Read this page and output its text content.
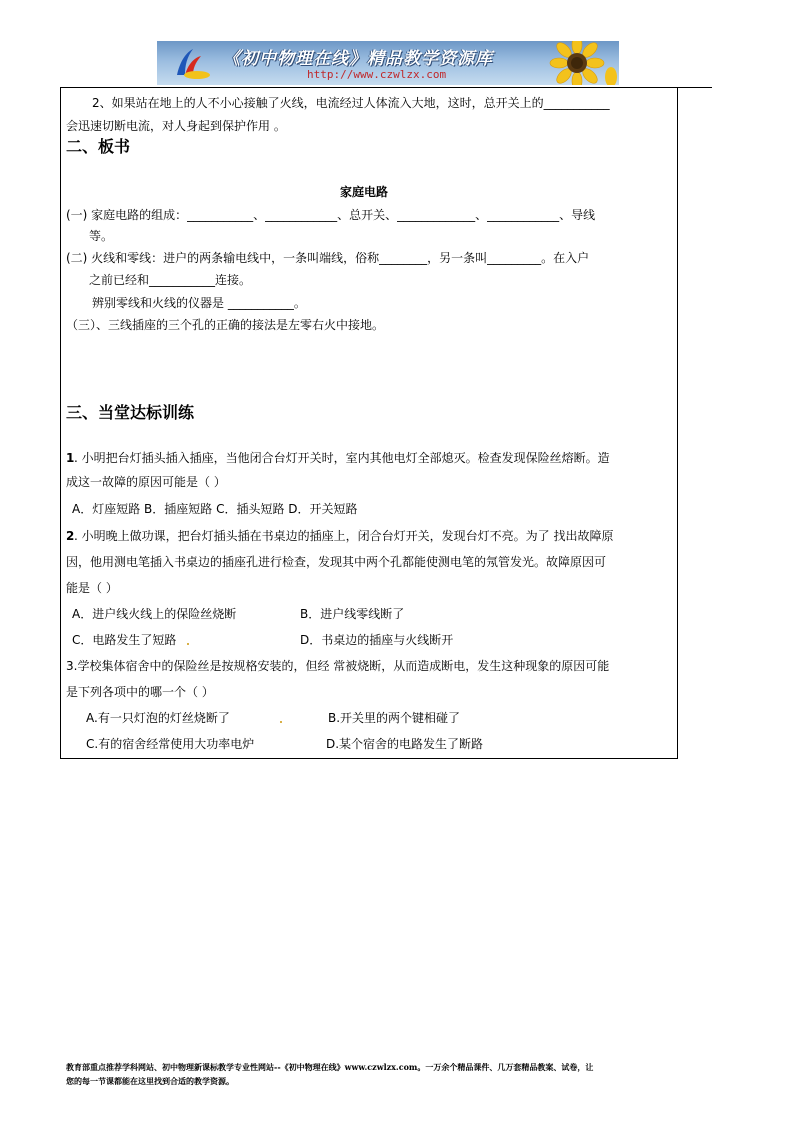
《初中物理在线》精品教学资源库
http://www.czwlzx.com
2、如果站在地上的人不小心接触了火线，电流经过人体流入大地，这时，总开关上的___________
会迅速切断电流，对人身起到保护作用 。
二、板书
家庭电路
(一) 家庭电路的组成：___________、____________、总开关、_____________、____________、导线
等。
(二) 火线和零线：进户的两条输电线中，一条叫端线，俗称________，另一条叫_________。在入户
之前已经和___________连接。
辨别零线和火线的仪器是 ___________。
（三）、三线插座的三个孔的正确的接法是左零右火中接地。
三、当堂达标训练
1 . 小明把台灯插头插入插座，当他闭合台灯开关时，室内其他电灯全部熄灭。检查发现保险丝熔断。造
成这一故障的原因可能是（ ）
A．灯座短路 B．插座短路 C．插头短路 D．开关短路
2 . 小明晚上做功课，把台灯插头插在书桌边的插座上，闭合台灯开关，发现台灯不亮。为了 找出故障原
因，他用测电笔插入书桌边的插座孔进行检查，发现其中两个孔都能使测电笔的氖管发光。故障原因可
能是（ ）
A．进户线火线上的保险丝烧断	B．进户线零线断了
C．电路发生了短路	D．书桌边的插座与火线断开
3.学校集体宿舍中的保险丝是按规格安装的，但经 常被烧断，从而造成断电，发生这种现象的原因可能
是下列各项中的哪一个（ ）
A.有一只灯泡的灯丝烧断了	B.开关里的两个键相碰了
C.有的宿舍经常使用大功率电炉	D.某个宿舍的电路发生了断路
教育部重点推荐学科网站、初中物理新课标教学专业性网站--《初中物理在线》www.czwlzx.com。一万余个精品课件、几万套精品教案、试卷，让
您的每一节课都能在这里找到合适的教学资源。
